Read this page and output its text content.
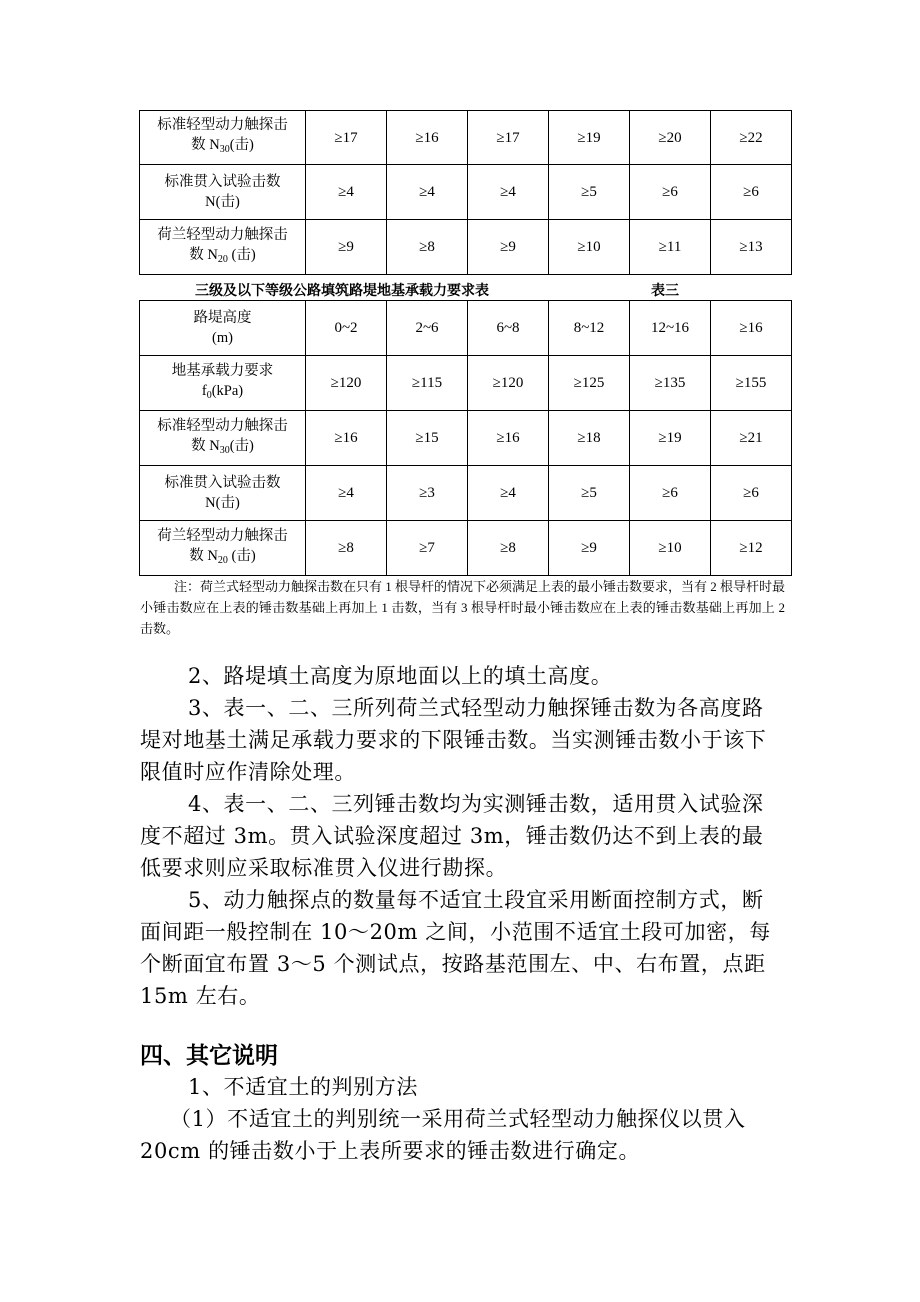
标准轻型动力触探击
数 $N_{30}$(击)	≥17	≥16	≥17	≥19	≥20	≥22
标准贯入试验击数
N(击)	≥4	≥4	≥4	≥5	≥6	≥6
荷兰轻型动力触探击
数 $N_{20}$ (击)	≥9	≥8	≥9	≥10	≥11	≥13
三级及以下等级公路填筑路堤地基承载力要求表	表三
路堤高度
(m)	0~2	2~6	6~8	8~12	12~16	≥16
地基承载力要求
$f_0(kPa)$	≥120	≥115	≥120	≥125	≥135	≥155
标准轻型动力触探击
数 $N_{30}$(击)	≥16	≥15	≥16	≥18	≥19	≥21
标准贯入试验击数
N(击)	≥4	≥3	≥4	≥5	≥6	≥6
荷兰轻型动力触探击
数 $N_{20}$ (击)	≥8	≥7	≥8	≥9	≥10	≥12

注：荷兰式轻型动力触探击数在只有 1 根导杆的情况下必须满足上表的最小锤击数要求，当有 2 根导杆时最小锤击数应在上表的锤击数基础上再加上 1 击数，当有 3 根导杆时最小锤击数应在上表的锤击数基础上再加上 2 击数。

2、路堤填土高度为原地面以上的填土高度。

3、表一、二、三所列荷兰式轻型动力触探锤击数为各高度路堤对地基土满足承载力要求的下限锤击数。当实测锤击数小于该下限值时应作清除处理。

4、表一、二、三列锤击数均为实测锤击数，适用贯入试验深度不超过 3m。贯入试验深度超过 3m，锤击数仍达不到上表的最低要求则应采取标准贯入仪进行勘探。

5、动力触探点的数量每不适宜土段宜采用断面控制方式，断面间距一般控制在 10～20m 之间，小范围不适宜土段可加密，每个断面宜布置 3～5 个测试点，按路基范围左、中、右布置，点距 15m 左右。

四、其它说明

1、不适宜土的判别方法

（1）不适宜土的判别统一采用荷兰式轻型动力触探仪以贯入 20cm 的锤击数小于上表所要求的锤击数进行确定。
